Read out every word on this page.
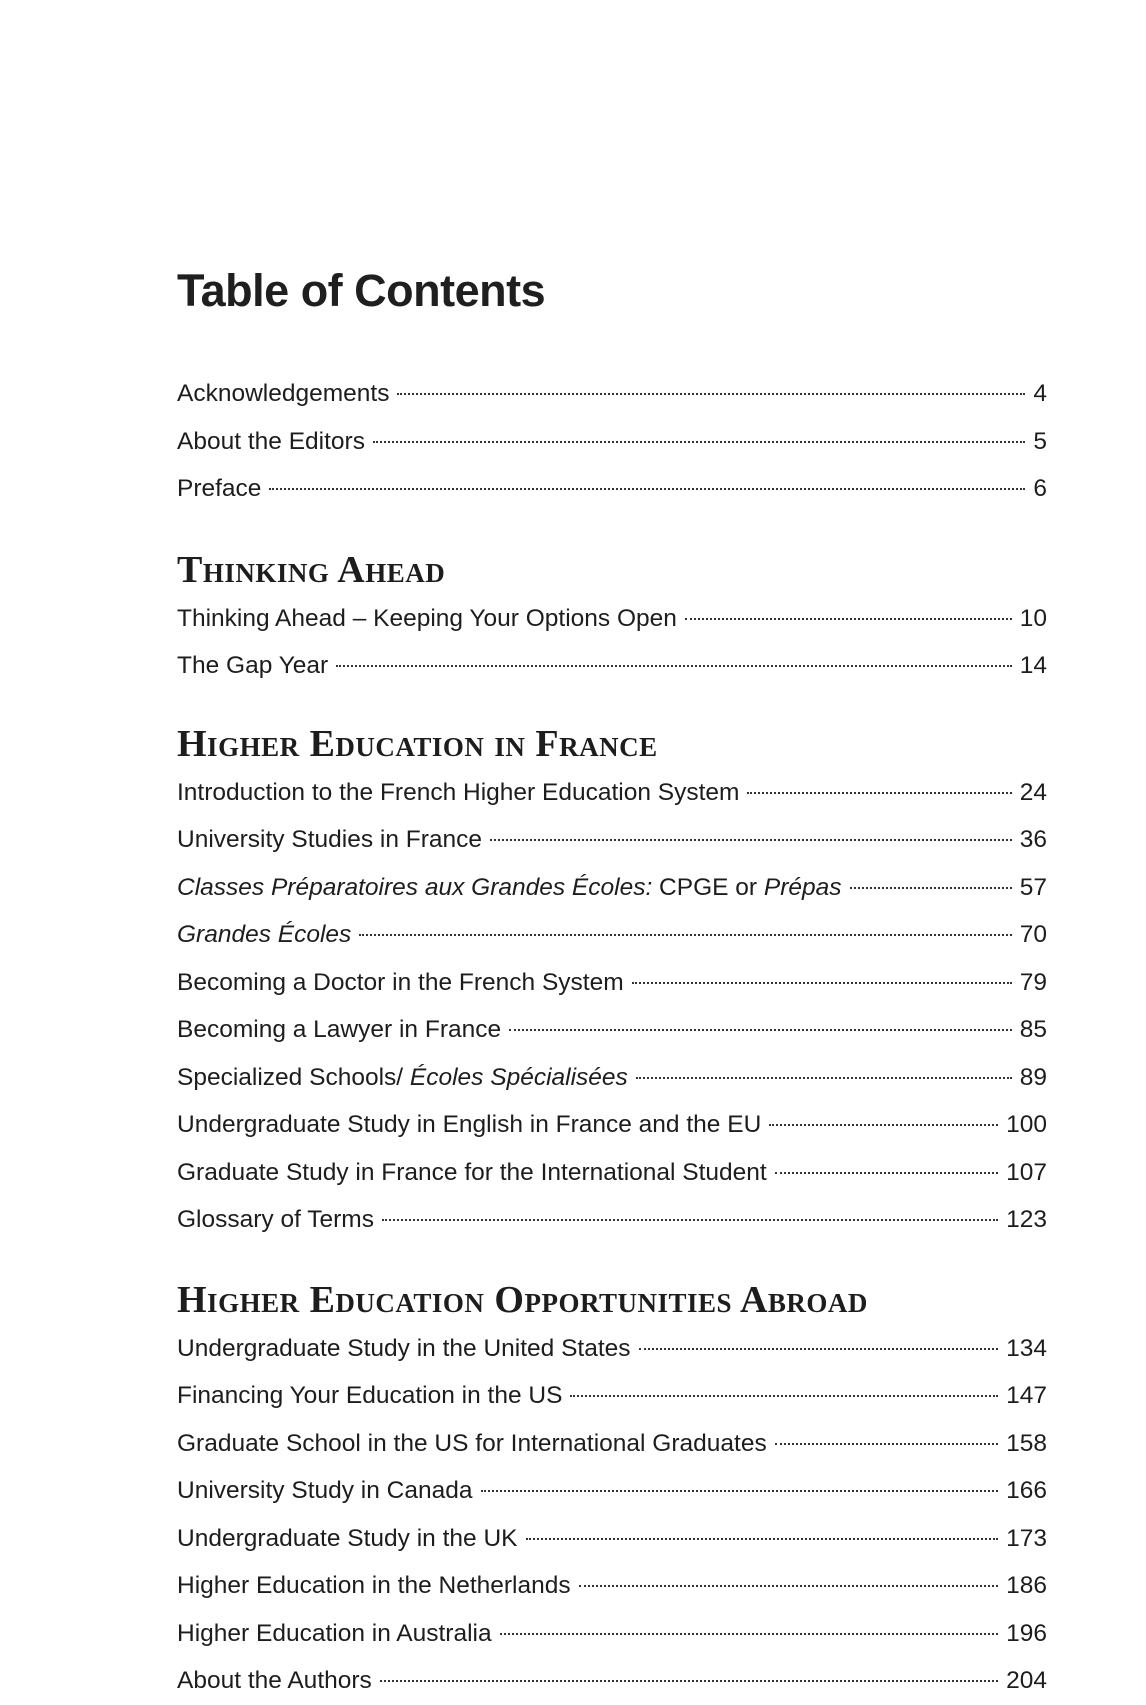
Table of Contents
Acknowledgements	4
About the Editors	5
Preface	6
Thinking Ahead
Thinking Ahead – Keeping Your Options Open	10
The Gap Year	14
Higher Education in France
Introduction to the French Higher Education System	24
University Studies in France	36
Classes Préparatoires aux Grandes Écoles: CPGE or Prépas	57
Grandes Écoles	70
Becoming a Doctor in the French System	79
Becoming a Lawyer in France	85
Specialized Schools/ Écoles Spécialisées	89
Undergraduate Study in English in France and the EU	100
Graduate Study in France for the International Student	107
Glossary of Terms	123
Higher Education Opportunities Abroad
Undergraduate Study in the United States	134
Financing Your Education in the US	147
Graduate School in the US for International Graduates	158
University Study in Canada	166
Undergraduate Study in the UK	173
Higher Education in the Netherlands	186
Higher Education in Australia	196
About the Authors	204
